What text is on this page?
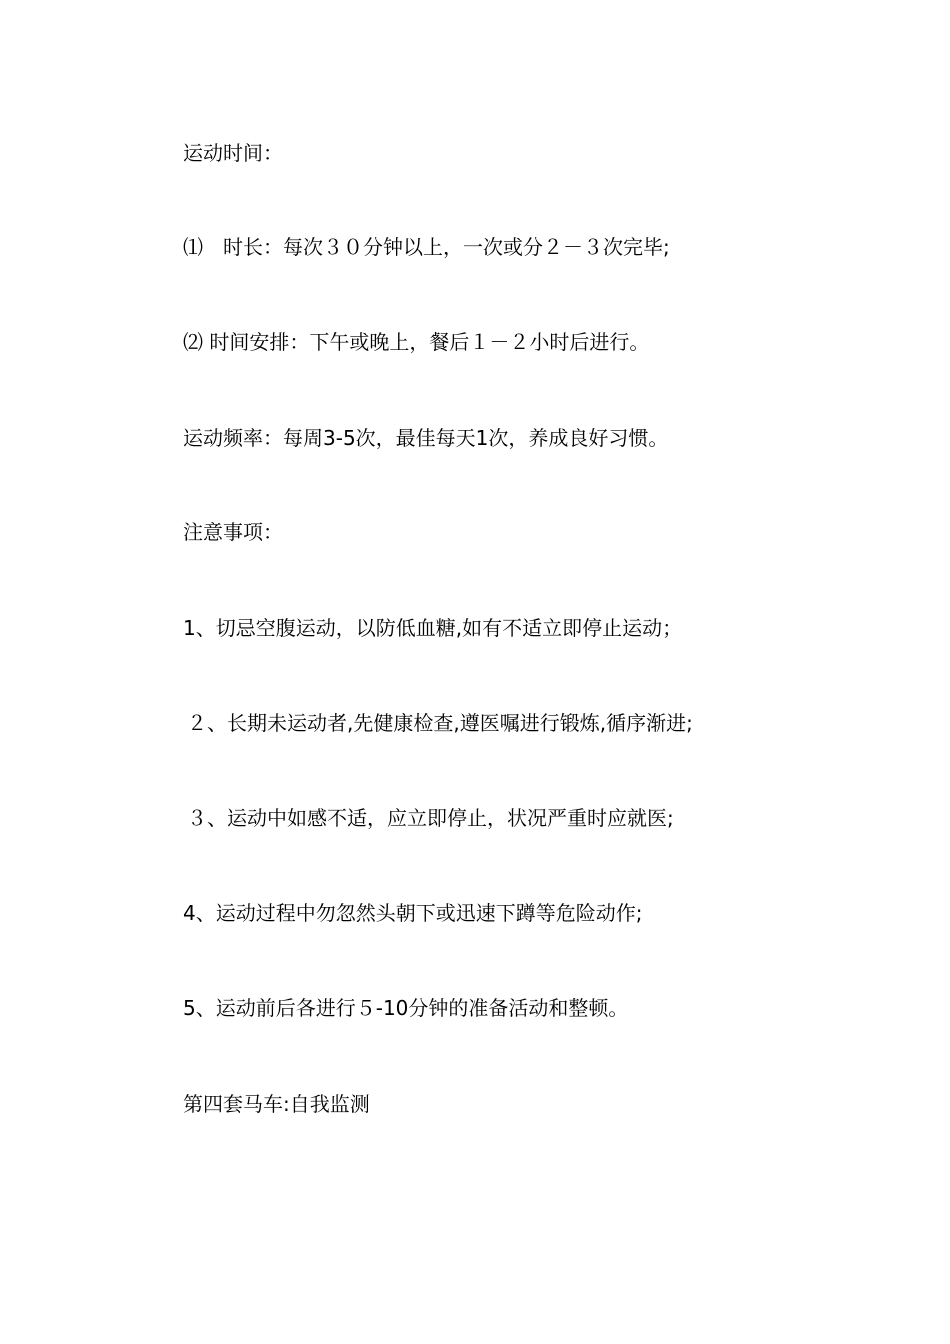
运动时间：
⑴　时长：每次３０分钟以上，一次或分２－３次完毕;
⑵ 时间安排：下午或晚上，餐后１－２小时后进行。
运动频率：每周3-5次，最佳每天1次，养成良好习惯。
注意事项：
1、切忌空腹运动，以防低血糖,如有不适立即停止运动；
２、长期未运动者,先健康检查,遵医嘱进行锻炼,循序渐进;
３、运动中如感不适，应立即停止，状况严重时应就医;
4、运动过程中勿忽然头朝下或迅速下蹲等危险动作;
5、运动前后各进行５-10分钟的准备活动和整顿。
第四套马车:自我监测
